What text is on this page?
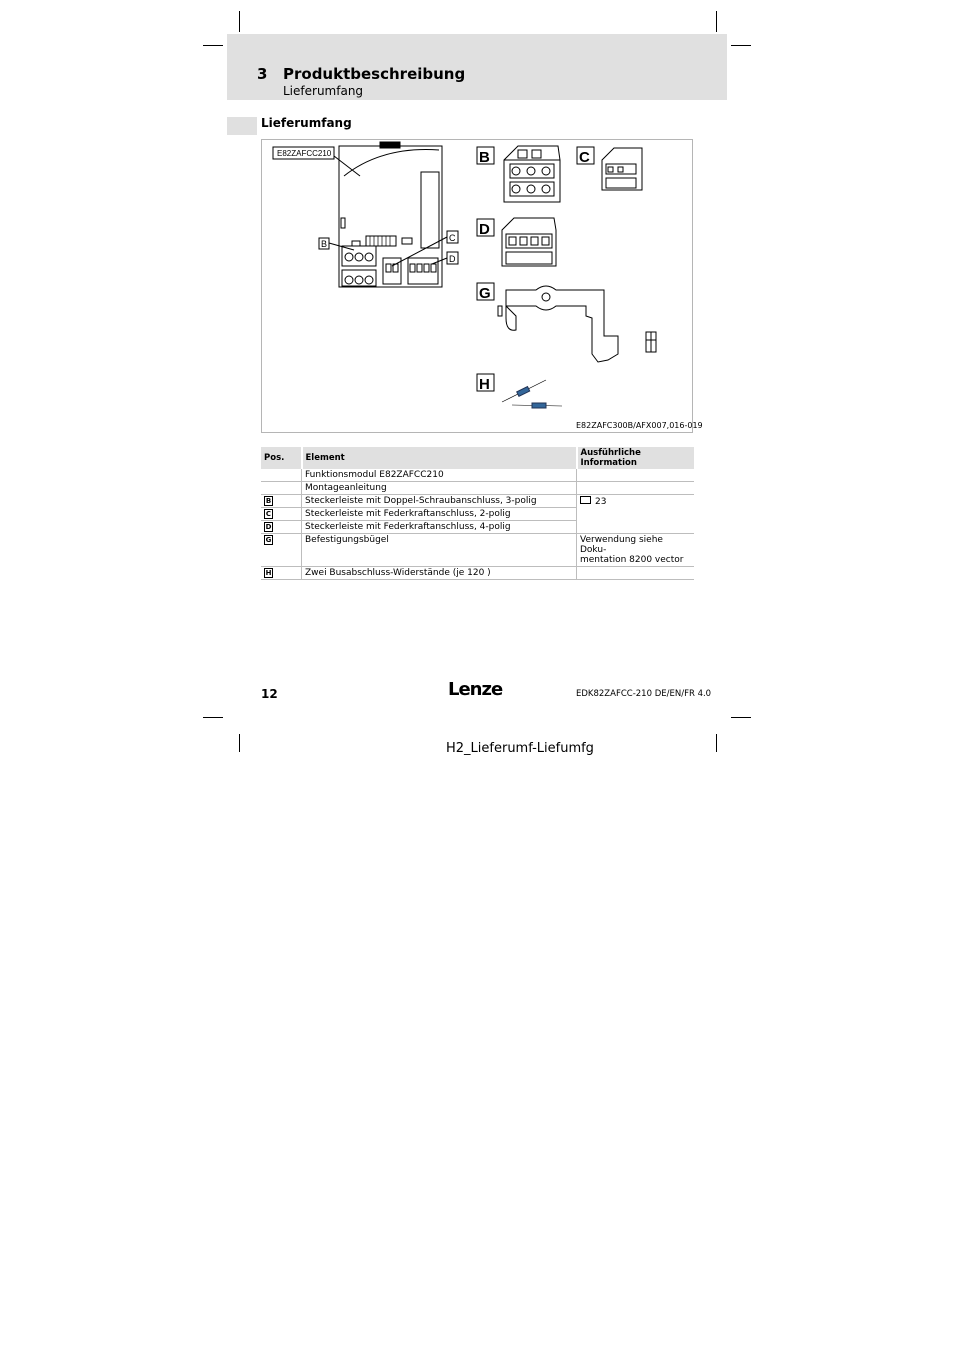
3 Produktbeschreibung
Lieferumfang
Lieferumfang
E82ZAFCC210
B
C
D
B	C
D
G
H
E82ZAFC300B/AFX007,016-019
Pos.	Element	Ausführliche Information
	Funktionsmodul E82ZAFCC210	
	Montageanleitung	
B	Steckerleiste mit Doppel-Schraubanschluss, 3-polig	23
C	Steckerleiste mit Federkraftanschluss, 2-polig	
D	Steckerleiste mit Federkraftanschluss, 4-polig	
G	Befestigungsbügel	Verwendung siehe Doku-
mentation 8200 vector

H	Zwei Busabschluss-Widerstände (je 120 )	
12	Lenze	EDK82ZAFCC-210 DE/EN/FR 4.0
H2_Lieferumf-Liefumfg
